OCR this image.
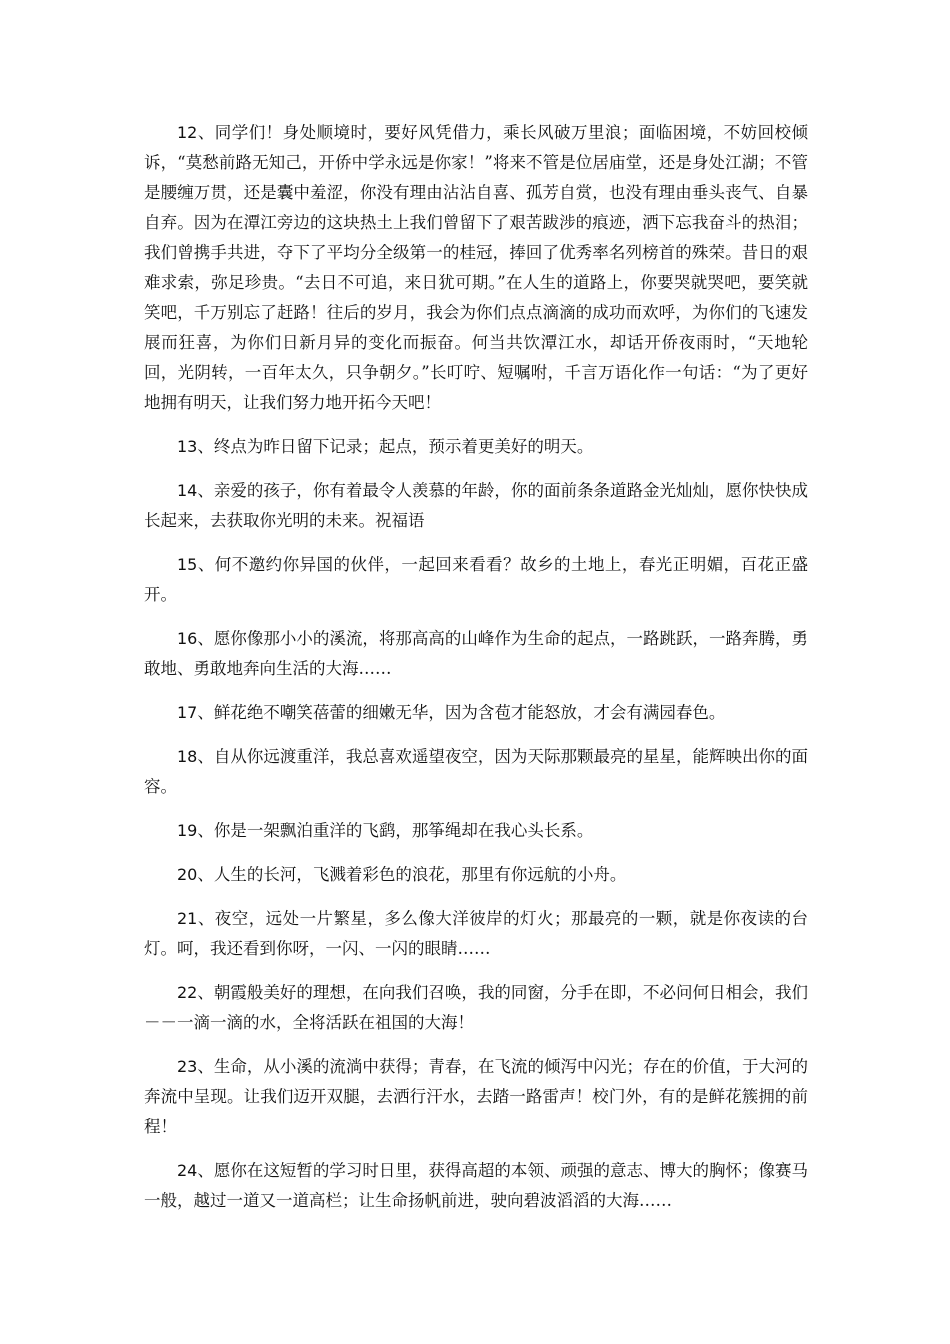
12、同学们！身处顺境时，要好风凭借力，乘长风破万里浪；面临困境，不妨回校倾诉，“莫愁前路无知己，开侨中学永远是你家！”将来不管是位居庙堂，还是身处江湖；不管是腰缠万贯，还是囊中羞涩，你没有理由沾沾自喜、孤芳自赏，也没有理由垂头丧气、自暴自弃。因为在潭江旁边的这块热土上我们曾留下了艰苦跋涉的痕迹，洒下忘我奋斗的热泪；我们曾携手共进，夺下了平均分全级第一的桂冠，捧回了优秀率名列榜首的殊荣。昔日的艰难求索，弥足珍贵。“去日不可追，来日犹可期。”在人生的道路上，你要哭就哭吧，要笑就笑吧，千万别忘了赶路！往后的岁月，我会为你们点点滴滴的成功而欢呼，为你们的飞速发展而狂喜，为你们日新月异的变化而振奋。何当共饮潭江水，却话开侨夜雨时，“天地轮回，光阴转，一百年太久，只争朝夕。”长叮咛、短嘱咐，千言万语化作一句话：“为了更好地拥有明天，让我们努力地开拓今天吧！

13、终点为昨日留下记录；起点，预示着更美好的明天。

14、亲爱的孩子，你有着最令人羡慕的年龄，你的面前条条道路金光灿灿，愿你快快成长起来，去获取你光明的未来。祝福语

15、何不邀约你异国的伙伴，一起回来看看？故乡的土地上，春光正明媚，百花正盛开。

16、愿你像那小小的溪流，将那高高的山峰作为生命的起点，一路跳跃，一路奔腾，勇敢地、勇敢地奔向生活的大海……

17、鲜花绝不嘲笑蓓蕾的细嫩无华，因为含苞才能怒放，才会有满园春色。

18、自从你远渡重洋，我总喜欢遥望夜空，因为天际那颗最亮的星星，能辉映出你的面容。

19、你是一架飘泊重洋的飞鹞，那筝绳却在我心头长系。

20、人生的长河，飞溅着彩色的浪花，那里有你远航的小舟。

21、夜空，远处一片繁星，多么像大洋彼岸的灯火；那最亮的一颗，就是你夜读的台灯。呵，我还看到你呀，一闪、一闪的眼睛……

22、朝霞般美好的理想，在向我们召唤，我的同窗，分手在即，不必问何日相会，我们－－一滴一滴的水，全将活跃在祖国的大海！

23、生命，从小溪的流淌中获得；青春，在飞流的倾泻中闪光；存在的价值，于大河的奔流中呈现。让我们迈开双腿，去洒行汗水，去踏一路雷声！校门外，有的是鲜花簇拥的前程！

24、愿你在这短暂的学习时日里，获得高超的本领、顽强的意志、博大的胸怀；像赛马一般，越过一道又一道高栏；让生命扬帆前进，驶向碧波滔滔的大海……
